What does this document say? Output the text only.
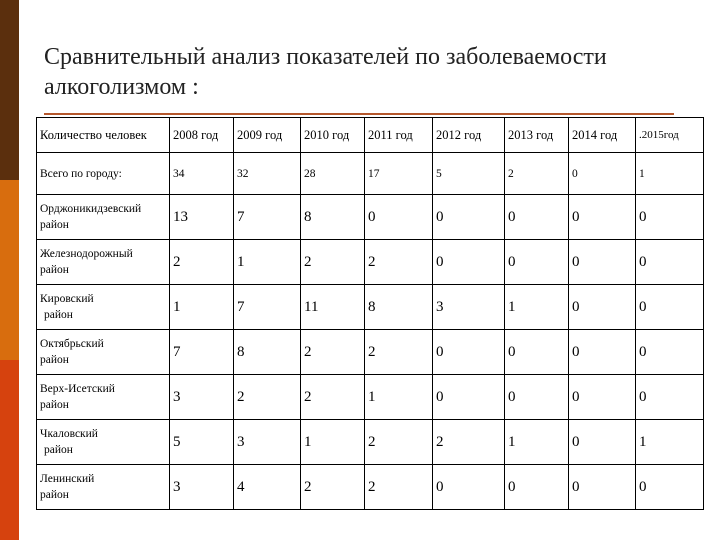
Сравнительный анализ показателей по заболеваемости алкоголизмом :
Количество человек	2008 год	2009 год	2010 год	2011 год	2012 год	2013 год	2014 год	.2015год
Всего по городу:	34	32	28	17	5	2	0	1

Орджоникидзевский
район	13	7	8	0	0	0	0	0

Железнодорожный
район	2	1	2	2	0	0	0	0

Кировский
район	1	7	11	8	3	1	0	0

Октябрьский
район	7	8	2	2	0	0	0	0

Верх-Исетский
район	3	2	2	1	0	0	0	0

Чкаловский
район	5	3	1	2	2	1	0	1

Ленинский
район	3	4	2	2	0	0	0	0
